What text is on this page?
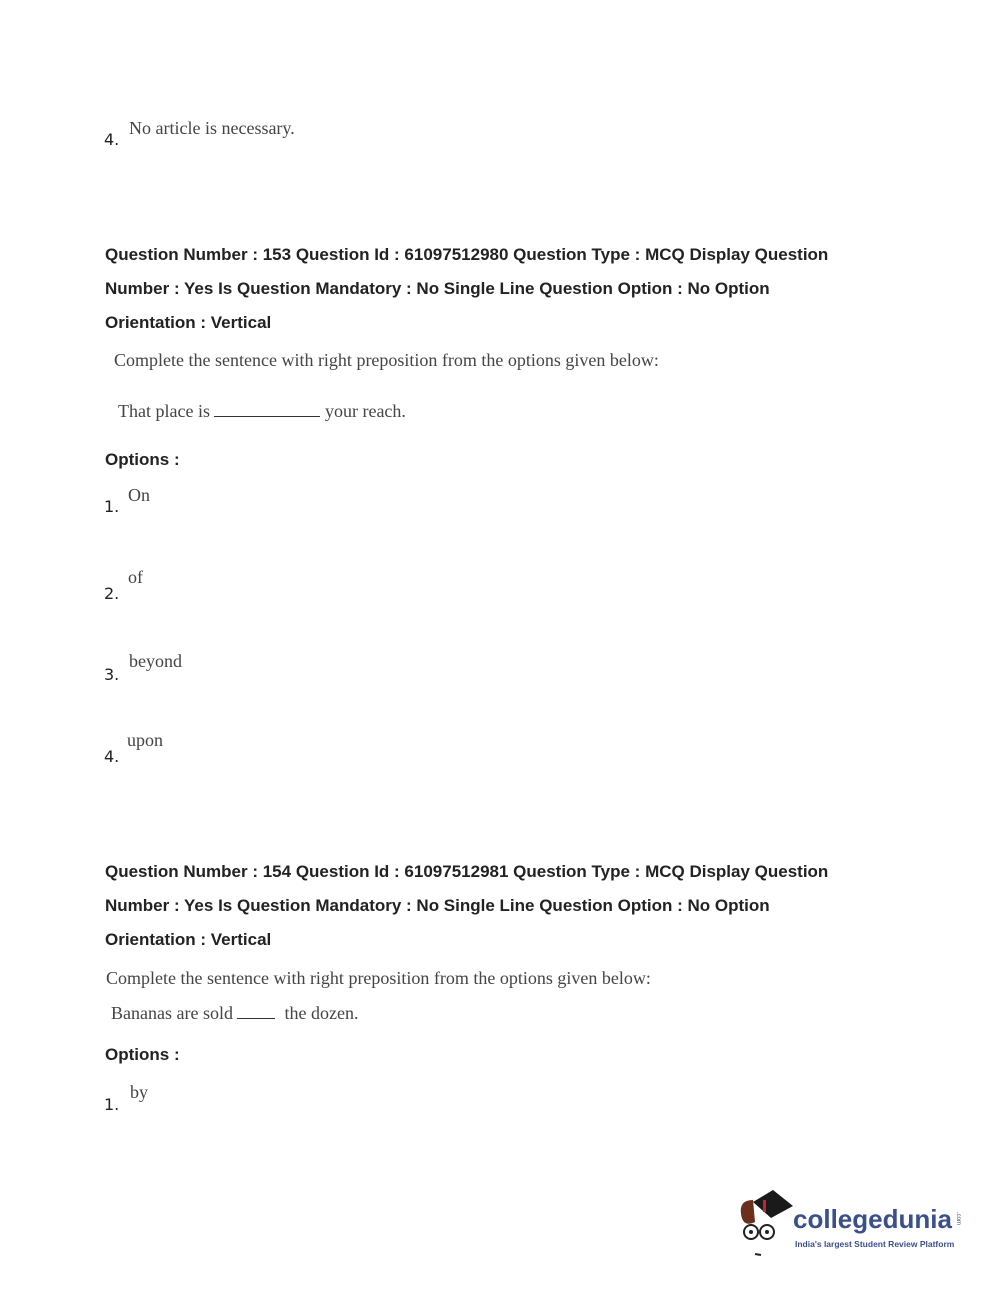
4.
No article is necessary.
Question Number : 153 Question Id : 61097512980 Question Type : MCQ Display Question
Number : Yes Is Question Mandatory : No Single Line Question Option : No Option
Orientation : Vertical
Complete the sentence with right preposition from the options given below:
That place is	your reach.
Options :
1.
On
2.
of
3.
beyond
4.
upon
Question Number : 154 Question Id : 61097512981 Question Type : MCQ Display Question
Number : Yes Is Question Mandatory : No Single Line Question Option : No Option
Orientation : Vertical
Complete the sentence with right preposition from the options given below:
Bananas are sold	the dozen.
Options :
1.
by
collegedunia .com
India's largest Student Review Platform
